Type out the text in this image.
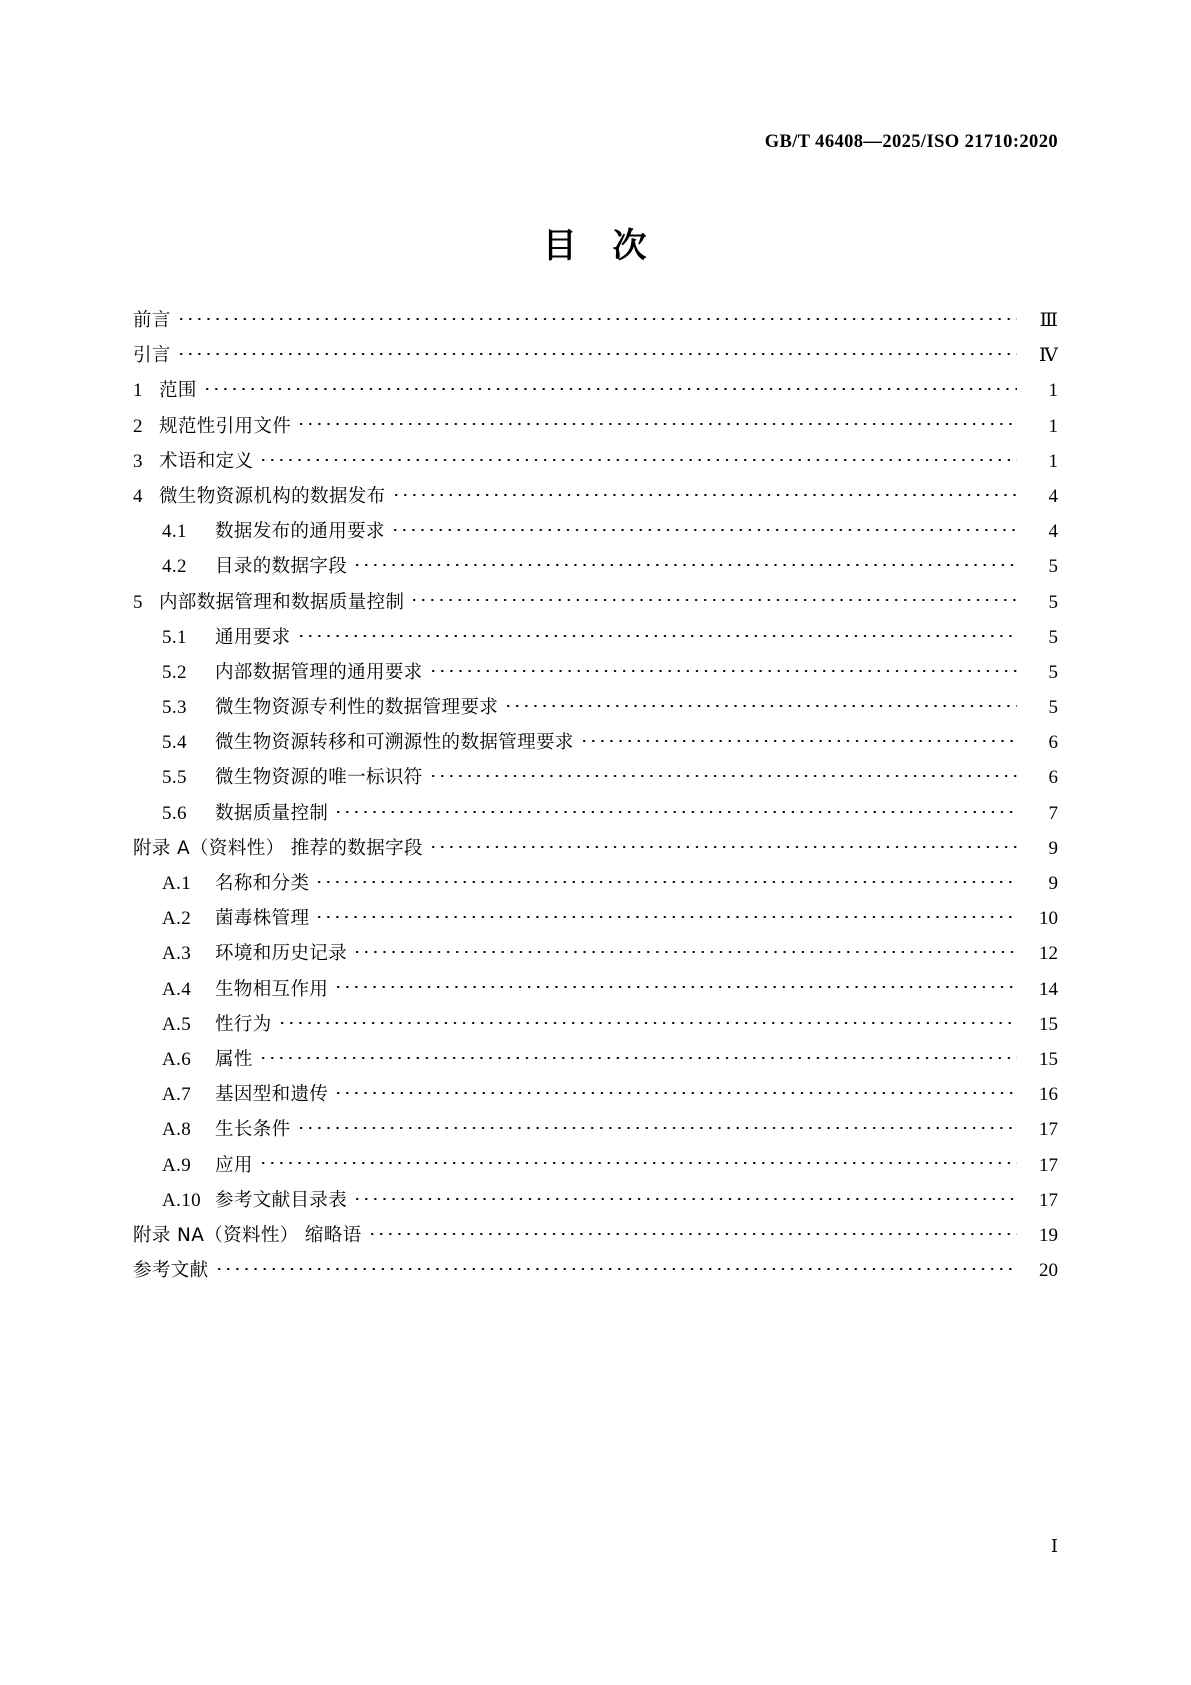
GB/T 46408—2025/ISO 21710:2020
目 次
前言	Ⅲ
引言	Ⅳ
1 范围	1
2 规范性引用文件	1
3 术语和定义	1
4 微生物资源机构的数据发布	4
4.1	数据发布的通用要求	4
4.2	目录的数据字段	5
5 内部数据管理和数据质量控制	5
5.1	通用要求	5
5.2	内部数据管理的通用要求	5
5.3	微生物资源专利性的数据管理要求	5
5.4	微生物资源转移和可溯源性的数据管理要求	6
5.5	微生物资源的唯一标识符	6
5.6	数据质量控制	7
附录 A（资料性） 推荐的数据字段	9
A.1	名称和分类	9
A.2	菌毒株管理	10
A.3	环境和历史记录	12
A.4	生物相互作用	14
A.5	性行为	15
A.6	属性	15
A.7	基因型和遗传	16
A.8	生长条件	17
A.9	应用	17
A.10 参考文献目录表	17
附录 NA（资料性） 缩略语	19
参考文献	20
Ⅰ
